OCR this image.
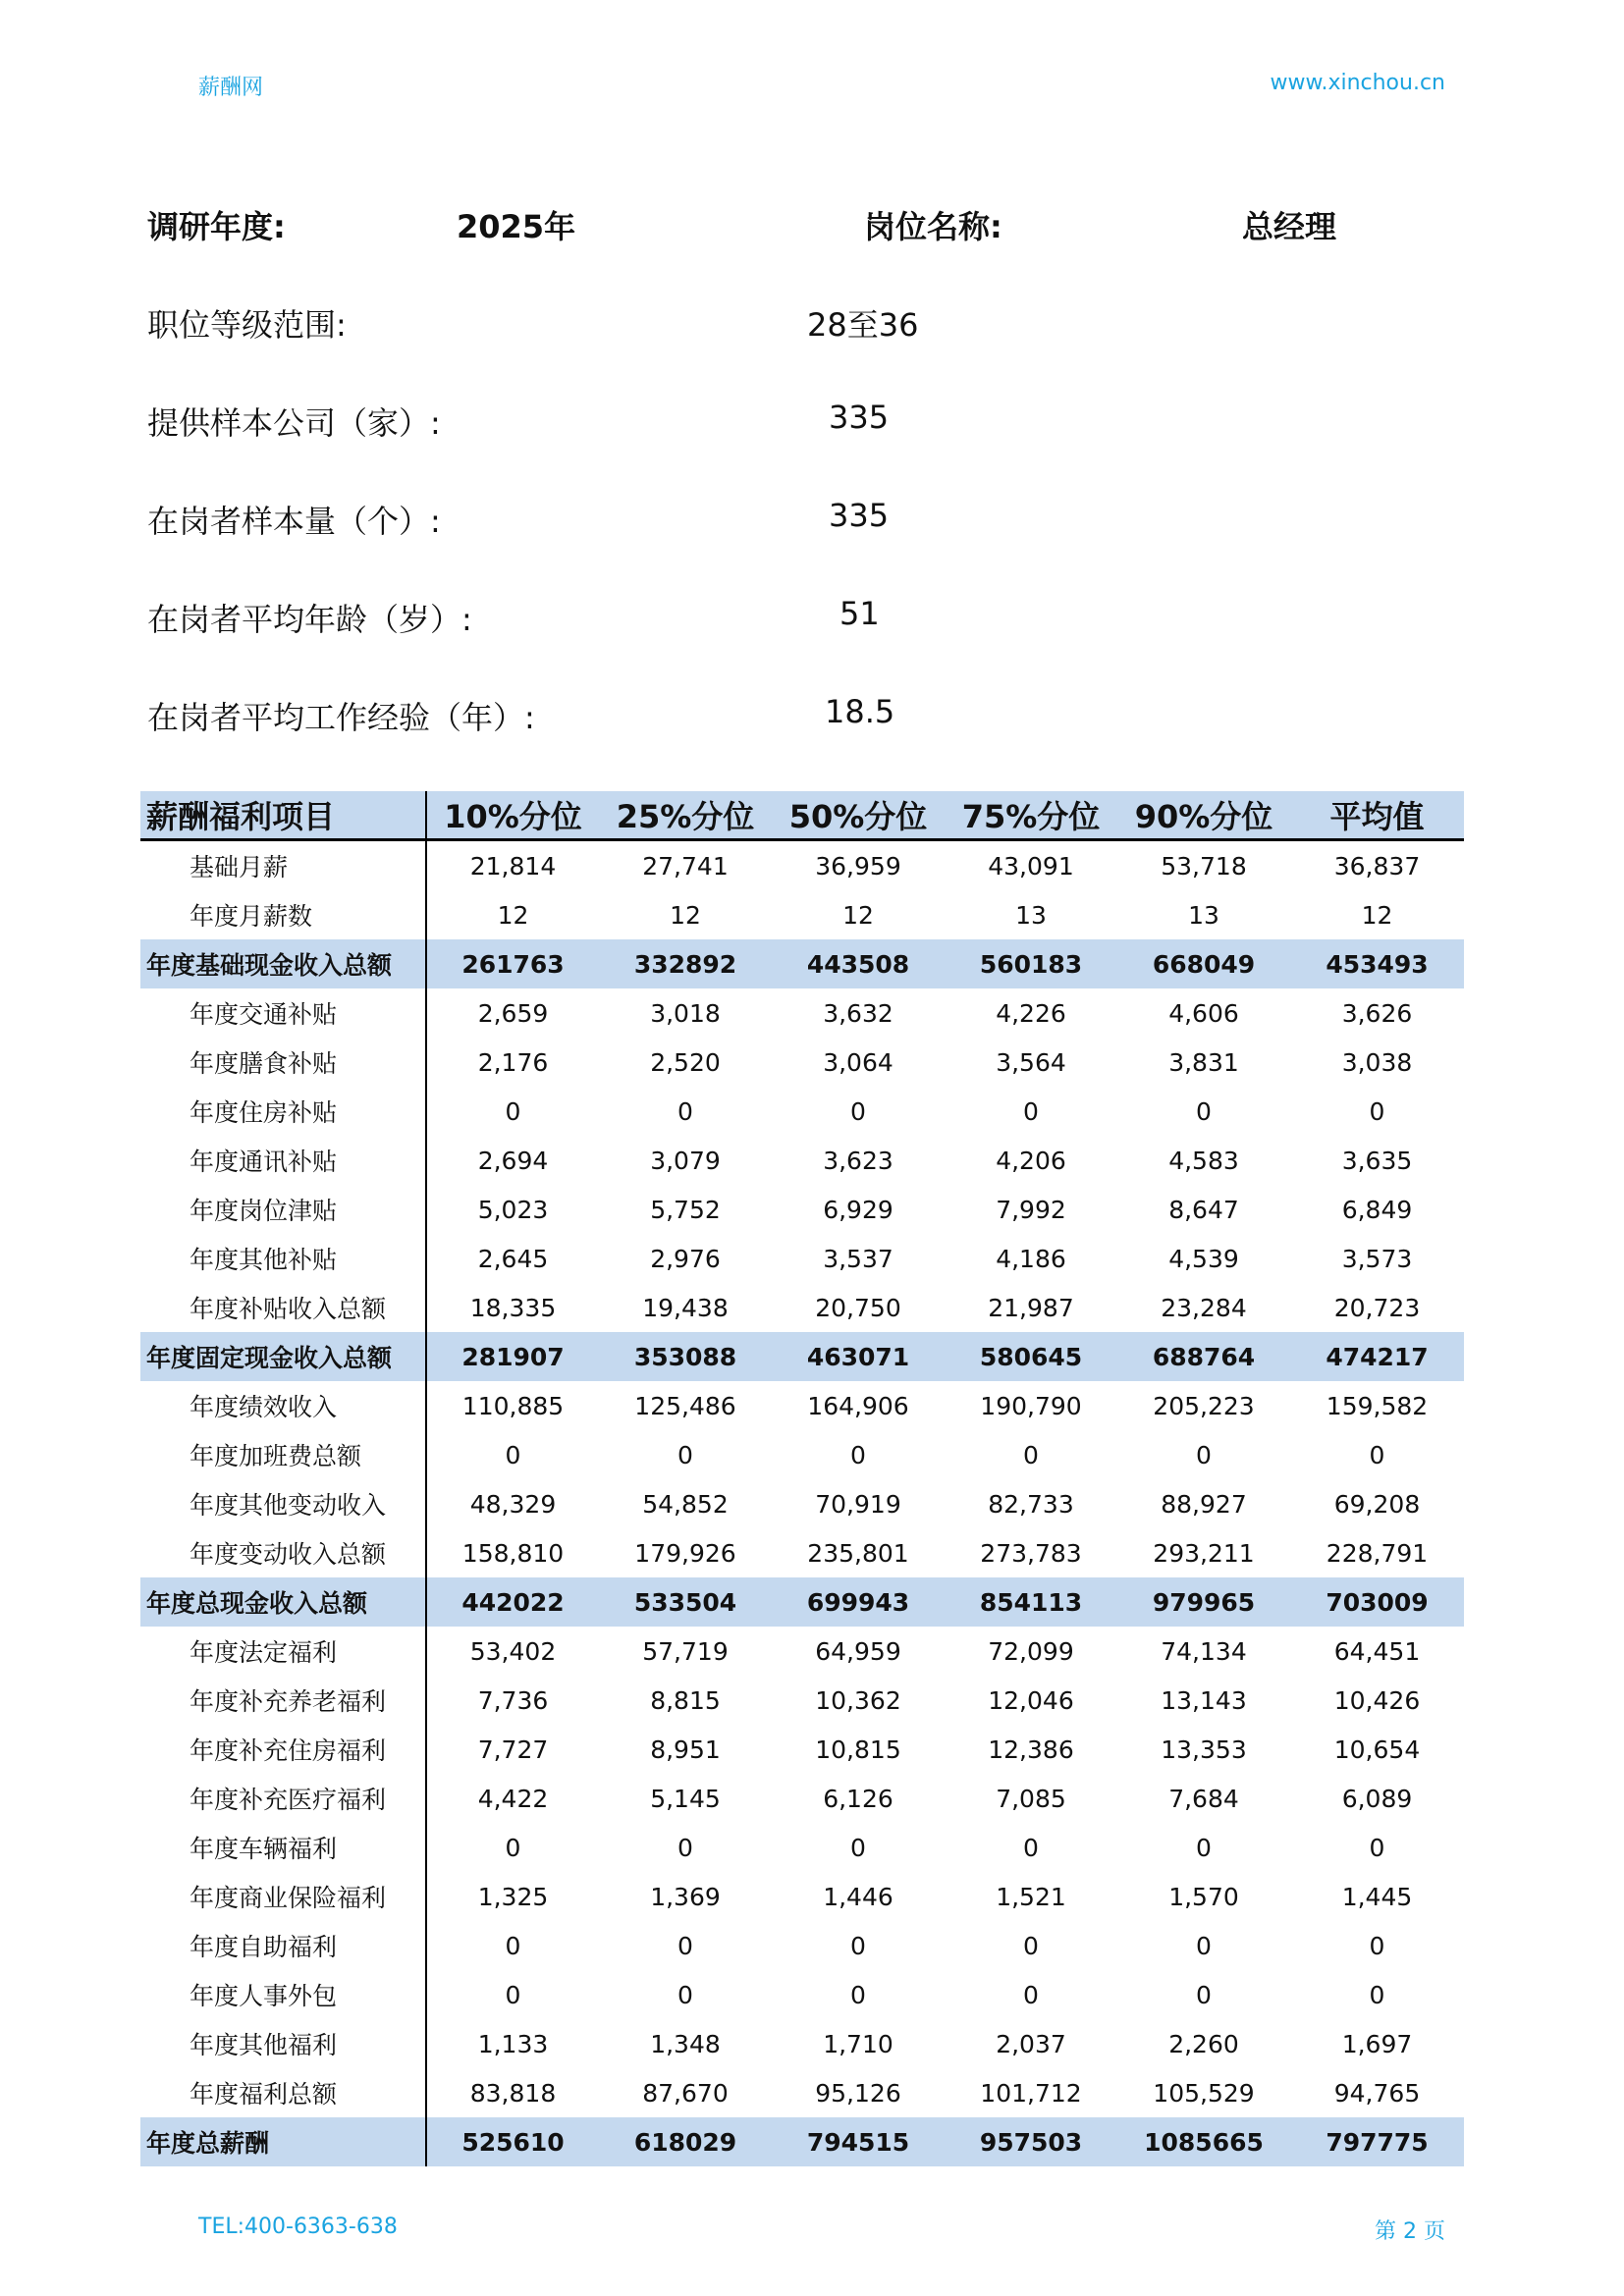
薪酬网	www.xinchou.cn
调研年度:	2025年	岗位名称:	总经理
职位等级范围:	28至36
提供样本公司（家）:	335
在岗者样本量（个）:	335
在岗者平均年龄（岁）:	51
在岗者平均工作经验（年）:	18.5
薪酬福利项目	10%分位	25%分位	50%分位	75%分位	90%分位	平均值
基础月薪	21,814	27,741	36,959	43,091	53,718	36,837
年度月薪数	12	12	12	13	13	12
年度基础现金收入总额	261763	332892	443508	560183	668049	453493
年度交通补贴	2,659	3,018	3,632	4,226	4,606	3,626
年度膳食补贴	2,176	2,520	3,064	3,564	3,831	3,038
年度住房补贴	0	0	0	0	0	0
年度通讯补贴	2,694	3,079	3,623	4,206	4,583	3,635
年度岗位津贴	5,023	5,752	6,929	7,992	8,647	6,849
年度其他补贴	2,645	2,976	3,537	4,186	4,539	3,573
年度补贴收入总额	18,335	19,438	20,750	21,987	23,284	20,723
年度固定现金收入总额	281907	353088	463071	580645	688764	474217
年度绩效收入	110,885	125,486	164,906	190,790	205,223	159,582
年度加班费总额	0	0	0	0	0	0
年度其他变动收入	48,329	54,852	70,919	82,733	88,927	69,208
年度变动收入总额	158,810	179,926	235,801	273,783	293,211	228,791
年度总现金收入总额	442022	533504	699943	854113	979965	703009
年度法定福利	53,402	57,719	64,959	72,099	74,134	64,451
年度补充养老福利	7,736	8,815	10,362	12,046	13,143	10,426
年度补充住房福利	7,727	8,951	10,815	12,386	13,353	10,654
年度补充医疗福利	4,422	5,145	6,126	7,085	7,684	6,089
年度车辆福利	0	0	0	0	0	0
年度商业保险福利	1,325	1,369	1,446	1,521	1,570	1,445
年度自助福利	0	0	0	0	0	0
年度人事外包	0	0	0	0	0	0
年度其他福利	1,133	1,348	1,710	2,037	2,260	1,697
年度福利总额	83,818	87,670	95,126	101,712	105,529	94,765
年度总薪酬	525610	618029	794515	957503	1085665	797775
TEL:400-6363-638	第 2 页
